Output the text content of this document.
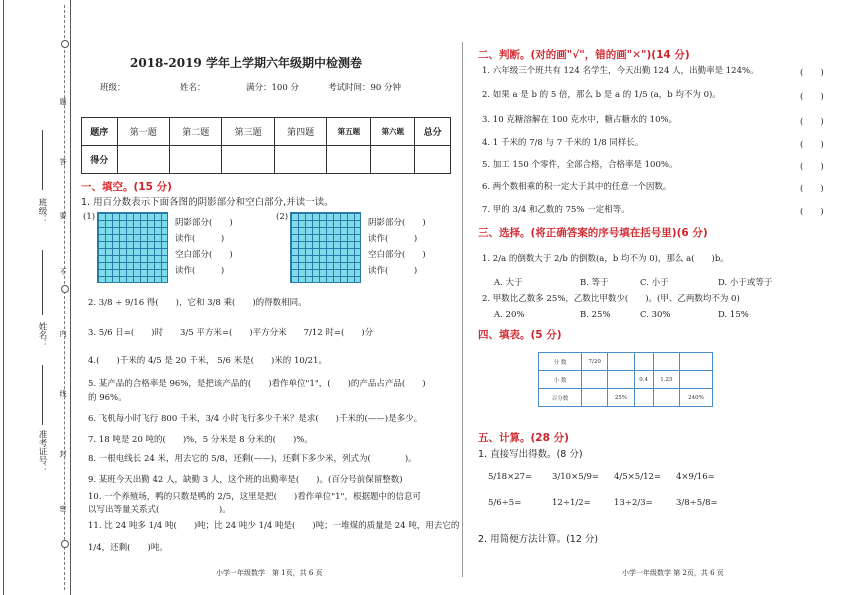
班级：
姓名：
准考证号：
题
答
要
不
内
线
封
密
2018-2019 学年上学期六年级期中检测卷
班级：	姓名：	满分：100 分	考试时间：90 分钟
题序	第一题	第二题	第三题	第四题	第五题	第六题	总分
得分							
一、填空。(15 分)
1. 用百分数表示下面各图的阴影部分和空白部分,并读一读。
(1)
阴影部分(　　)
读作(　　　)
空白部分(　　)
读作(　　　)
(2)
阴影部分(　　)
读作(　　　)
空白部分(　　)
读作(　　　)
2. 3/8 ÷ 9/16 得(　　)，它和 3/8 乘(　　)的得数相同。
3. 5/6 日=(　　)时　　3/5 平方米=(　　)平方分米　　7/12 时=(　　)分
4.(　　)千米的 4/5 是 20 千米， 5/6 米是(　　)米的 10/21。
5. 某产品的合格率是 96%，是把该产品的(　　)看作单位"1"，(　　)的产品占产品(　　)
的 96%。
6. 飞机每小时飞行 800 千米，3/4 小时飞行多少千米？是求(　　)千米的(——)是多少。
7. 18 吨是 20 吨的(　　)%，5 分米是 8 分米的(　　)%。
8. 一根电线长 24 米，用去它的 5/8，还剩(——)，还剩下多少米，列式为(　　　　)。
9. 某班今天出勤 42 人，缺勤 3 人，这个班的出勤率是(　　)。(百分号前保留整数)
10. 一个养殖场，鸭的只数是鸭的 2/5，这里是把(　　)看作单位"1"，根据题中的信息可
以写出等量关系式(　　　　　　　)。
11. 比 24 吨多 1/4 吨(　　)吨；比 24 吨少 1/4 吨是(　　)吨；一堆煤的质量是 24 吨，用去它的
1/4，还剩(　　)吨。
小学一年级数学　第 1页，共 6 页
二、判断。(对的画"√"，错的画"✕")(14 分)
1. 六年级三个班共有 124 名学生，今天出勤 124 人，出勤率是 124%。
2. 如果 a 是 b 的 5 倍，那么 b 是 a 的 1/5 (a，b 均不为 0)。
3. 10 克糖溶解在 100 克水中，糖占糖水的 10%。
4. 1 千米的 7/8 与 7 千米的 1/8 同样长。
5. 加工 150 个零件，全部合格，合格率是 100%。
6. 两个数相乘的积一定大于其中的任意一个因数。
7. 甲的 3/4 和乙数的 75% 一定相等。
(　　)
(　　)
(　　)
(　　)
(　　)
(　　)
(　　)
三、选择。(将正确答案的序号填在括号里)(6 分)
1. 2/a 的倒数大于 2/b 的倒数(a，b 均不为 0)，那么 a(　　)b。
A. 大于	B. 等于	C. 小于	D. 小于或等于
2. 甲数比乙数多 25%，乙数比甲数少(　　)。(甲、乙两数均不为 0)
A. 20%	B. 25%	C. 30%	D. 15%
四、填表。(5 分)
分 数	7/20				
小 数			0.4	1.25	
百分数		25%			240%
五、计算。(28 分)
1. 直接写出得数。(8 分)
5/18×27= 3/10×5/9= 4/5×5/12= 4×9/16=
5/6÷5=	12÷1/2=	13÷2/3=	3/8÷5/8=
2. 用简便方法计算。(12 分)
小学一年级数学 第 2页，共 6 页
